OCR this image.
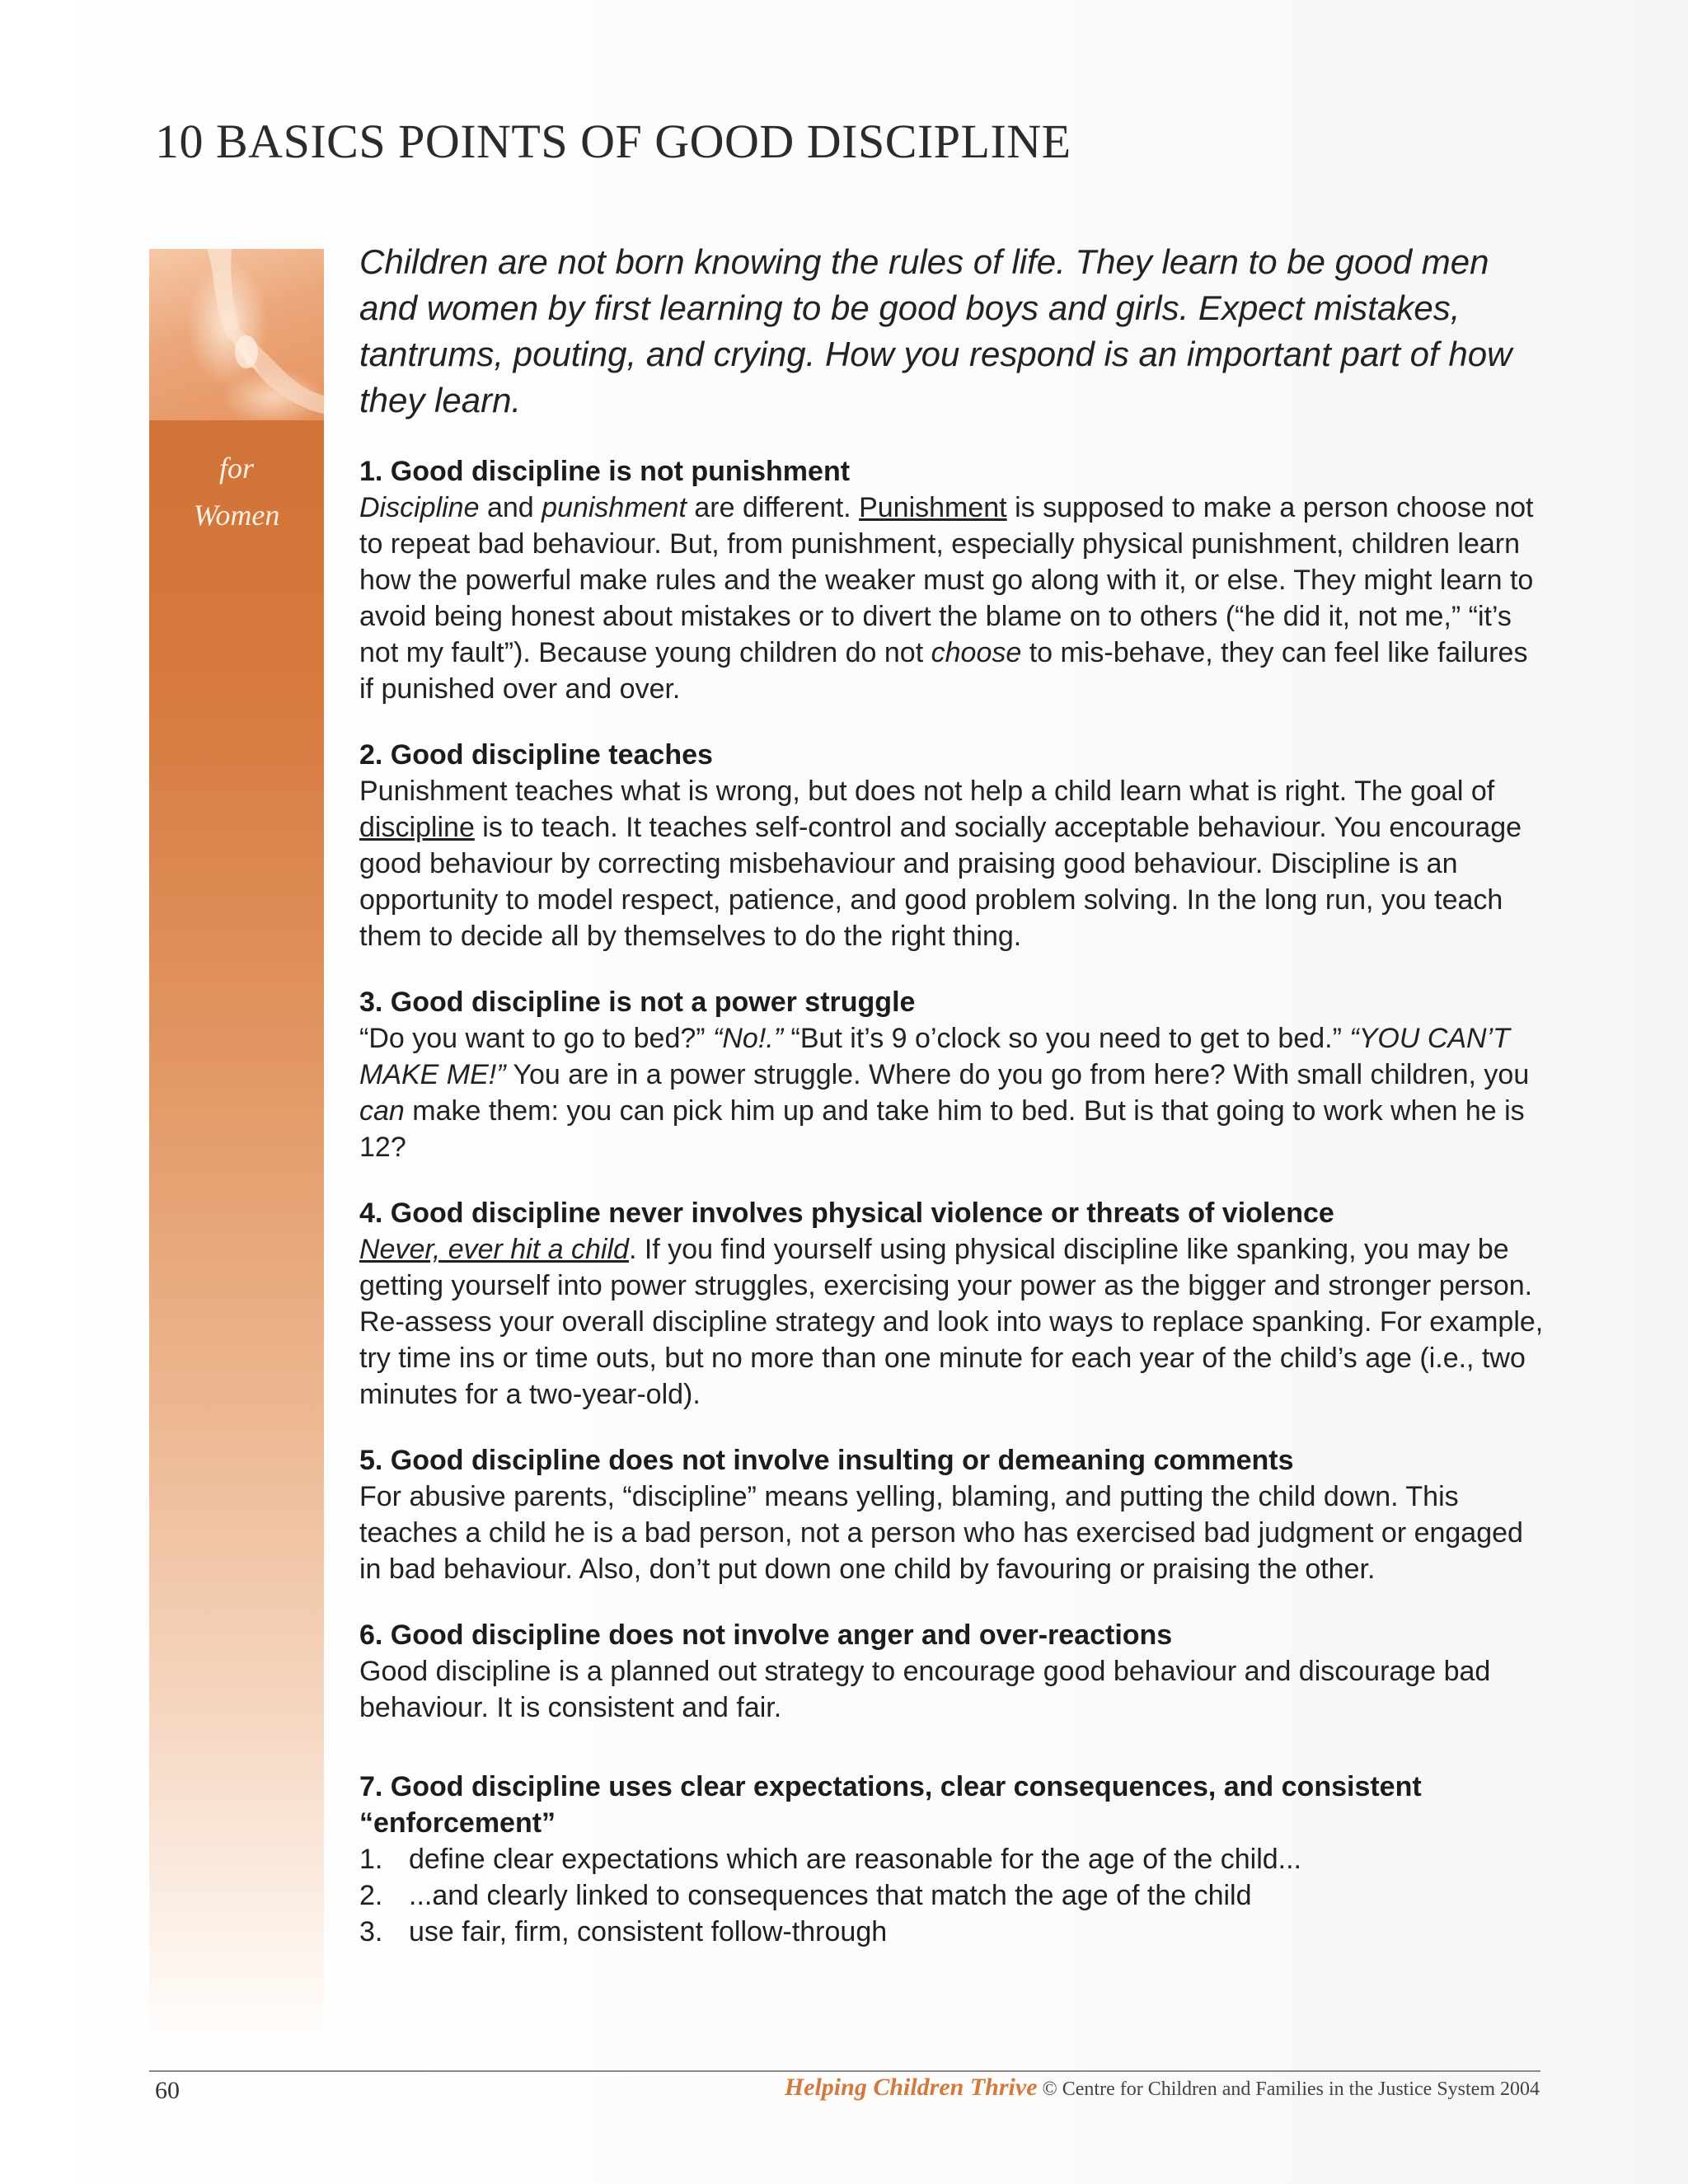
10 BASICS POINTS OF GOOD DISCIPLINE
for
Women

Children are not born knowing the rules of life. They learn to be good men and women by first learning to be good boys and girls. Expect mistakes, tantrums, pouting, and crying. How you respond is an important part of how they learn.

1. Good discipline is not punishment

Discipline and punishment are different. Punishment is supposed to make a person choose not to repeat bad behaviour. But, from punishment, especially physical punishment, children learn how the powerful make rules and the weaker must go along with it, or else. They might learn to avoid being honest about mistakes or to divert the blame on to others (“he did it, not me,” “it’s not my fault”). Because young children do not choose to mis-behave, they can feel like failures if punished over and over.

2. Good discipline teaches

Punishment teaches what is wrong, but does not help a child learn what is right. The goal of discipline is to teach. It teaches self-control and socially acceptable behaviour. You encourage good behaviour by correcting misbehaviour and praising good behaviour. Discipline is an opportunity to model respect, patience, and good problem solving. In the long run, you teach them to decide all by themselves to do the right thing.

3. Good discipline is not a power struggle

“Do you want to go to bed?” “No!.” “But it’s 9 o’clock so you need to get to bed.” “YOU CAN’T MAKE ME!” You are in a power struggle. Where do you go from here? With small children, you can make them: you can pick him up and take him to bed. But is that going to work when he is 12?

4. Good discipline never involves physical violence or threats of violence

Never, ever hit a child. If you find yourself using physical discipline like spanking, you may be getting yourself into power struggles, exercising your power as the bigger and stronger person. Re-assess your overall discipline strategy and look into ways to replace spanking. For example, try time ins or time outs, but no more than one minute for each year of the child’s age (i.e., two minutes for a two-year-old).

5. Good discipline does not involve insulting or demeaning comments

For abusive parents, “discipline” means yelling, blaming, and putting the child down. This teaches a child he is a bad person, not a person who has exercised bad judgment or engaged in bad behaviour. Also, don’t put down one child by favouring or praising the other.

6. Good discipline does not involve anger and over-reactions

Good discipline is a planned out strategy to encourage good behaviour and discourage bad behaviour. It is consistent and fair.

7. Good discipline uses clear expectations, clear consequences, and consistent “enforcement”
1. define clear expectations which are reasonable for the age of the child...
2. ...and clearly linked to consequences that match the age of the child
3. use fair, firm, consistent follow-through
60	Helping Children Thrive © Centre for Children and Families in the Justice System 2004
